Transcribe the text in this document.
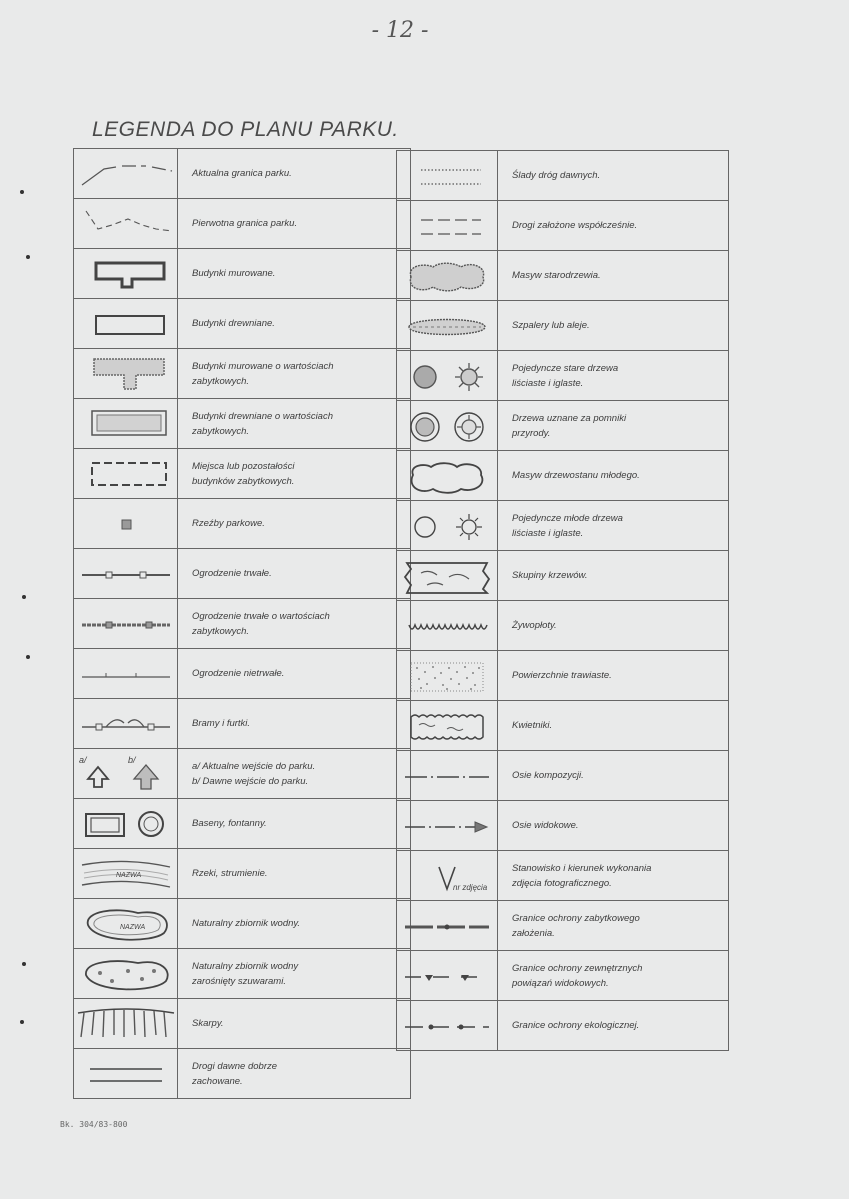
- 12 -
LEGENDA DO PLANU PARKU.
	Aktualna granica parku.

	Pierwotna granica parku.

	Budynki murowane.

	Budynki drewniane.

	Budynki murowane o wartościach
zabytkowych.

	Budynki drewniane o wartościach
zabytkowych.

	Miejsca lub pozostałości
budynków zabytkowych.

	Rzeźby parkowe.

	Ogrodzenie trwałe.

	Ogrodzenie trwałe o wartościach
zabytkowych.

	Ogrodzenie nietrwałe.

	Bramy i furtki.

a/ b/	a/ Aktualne wejście do parku.
b/ Dawne wejście do parku.

	Baseny, fontanny.

NAZWA	Rzeki, strumienie.

NAZWA	Naturalny zbiornik wodny.

	Naturalny zbiornik wodny
zarośnięty szuwarami.

	Skarpy.

	Drogi dawne dobrze
zachowane.
	Ślady dróg dawnych.

	Drogi założone współcześnie.

	Masyw starodrzewia.

	Szpalery lub aleje.

	Pojedyncze stare drzewa
liściaste i iglaste.

	Drzewa uznane za pomniki
przyrody.

	Masyw drzewostanu młodego.

	Pojedyncze młode drzewa
liściaste i iglaste.

	Skupiny krzewów.

	Żywopłoty.

	Powierzchnie trawiaste.

	Kwietniki.

	Osie kompozycji.

	Osie widokowe.

nr zdjęcia	Stanowisko i kierunek wykonania
zdjęcia fotograficznego.

	Granice ochrony zabytkowego
założenia.

	Granice ochrony zewnętrznych
powiązań widokowych.

	Granice ochrony ekologicznej.
Bk. 304/83-800
